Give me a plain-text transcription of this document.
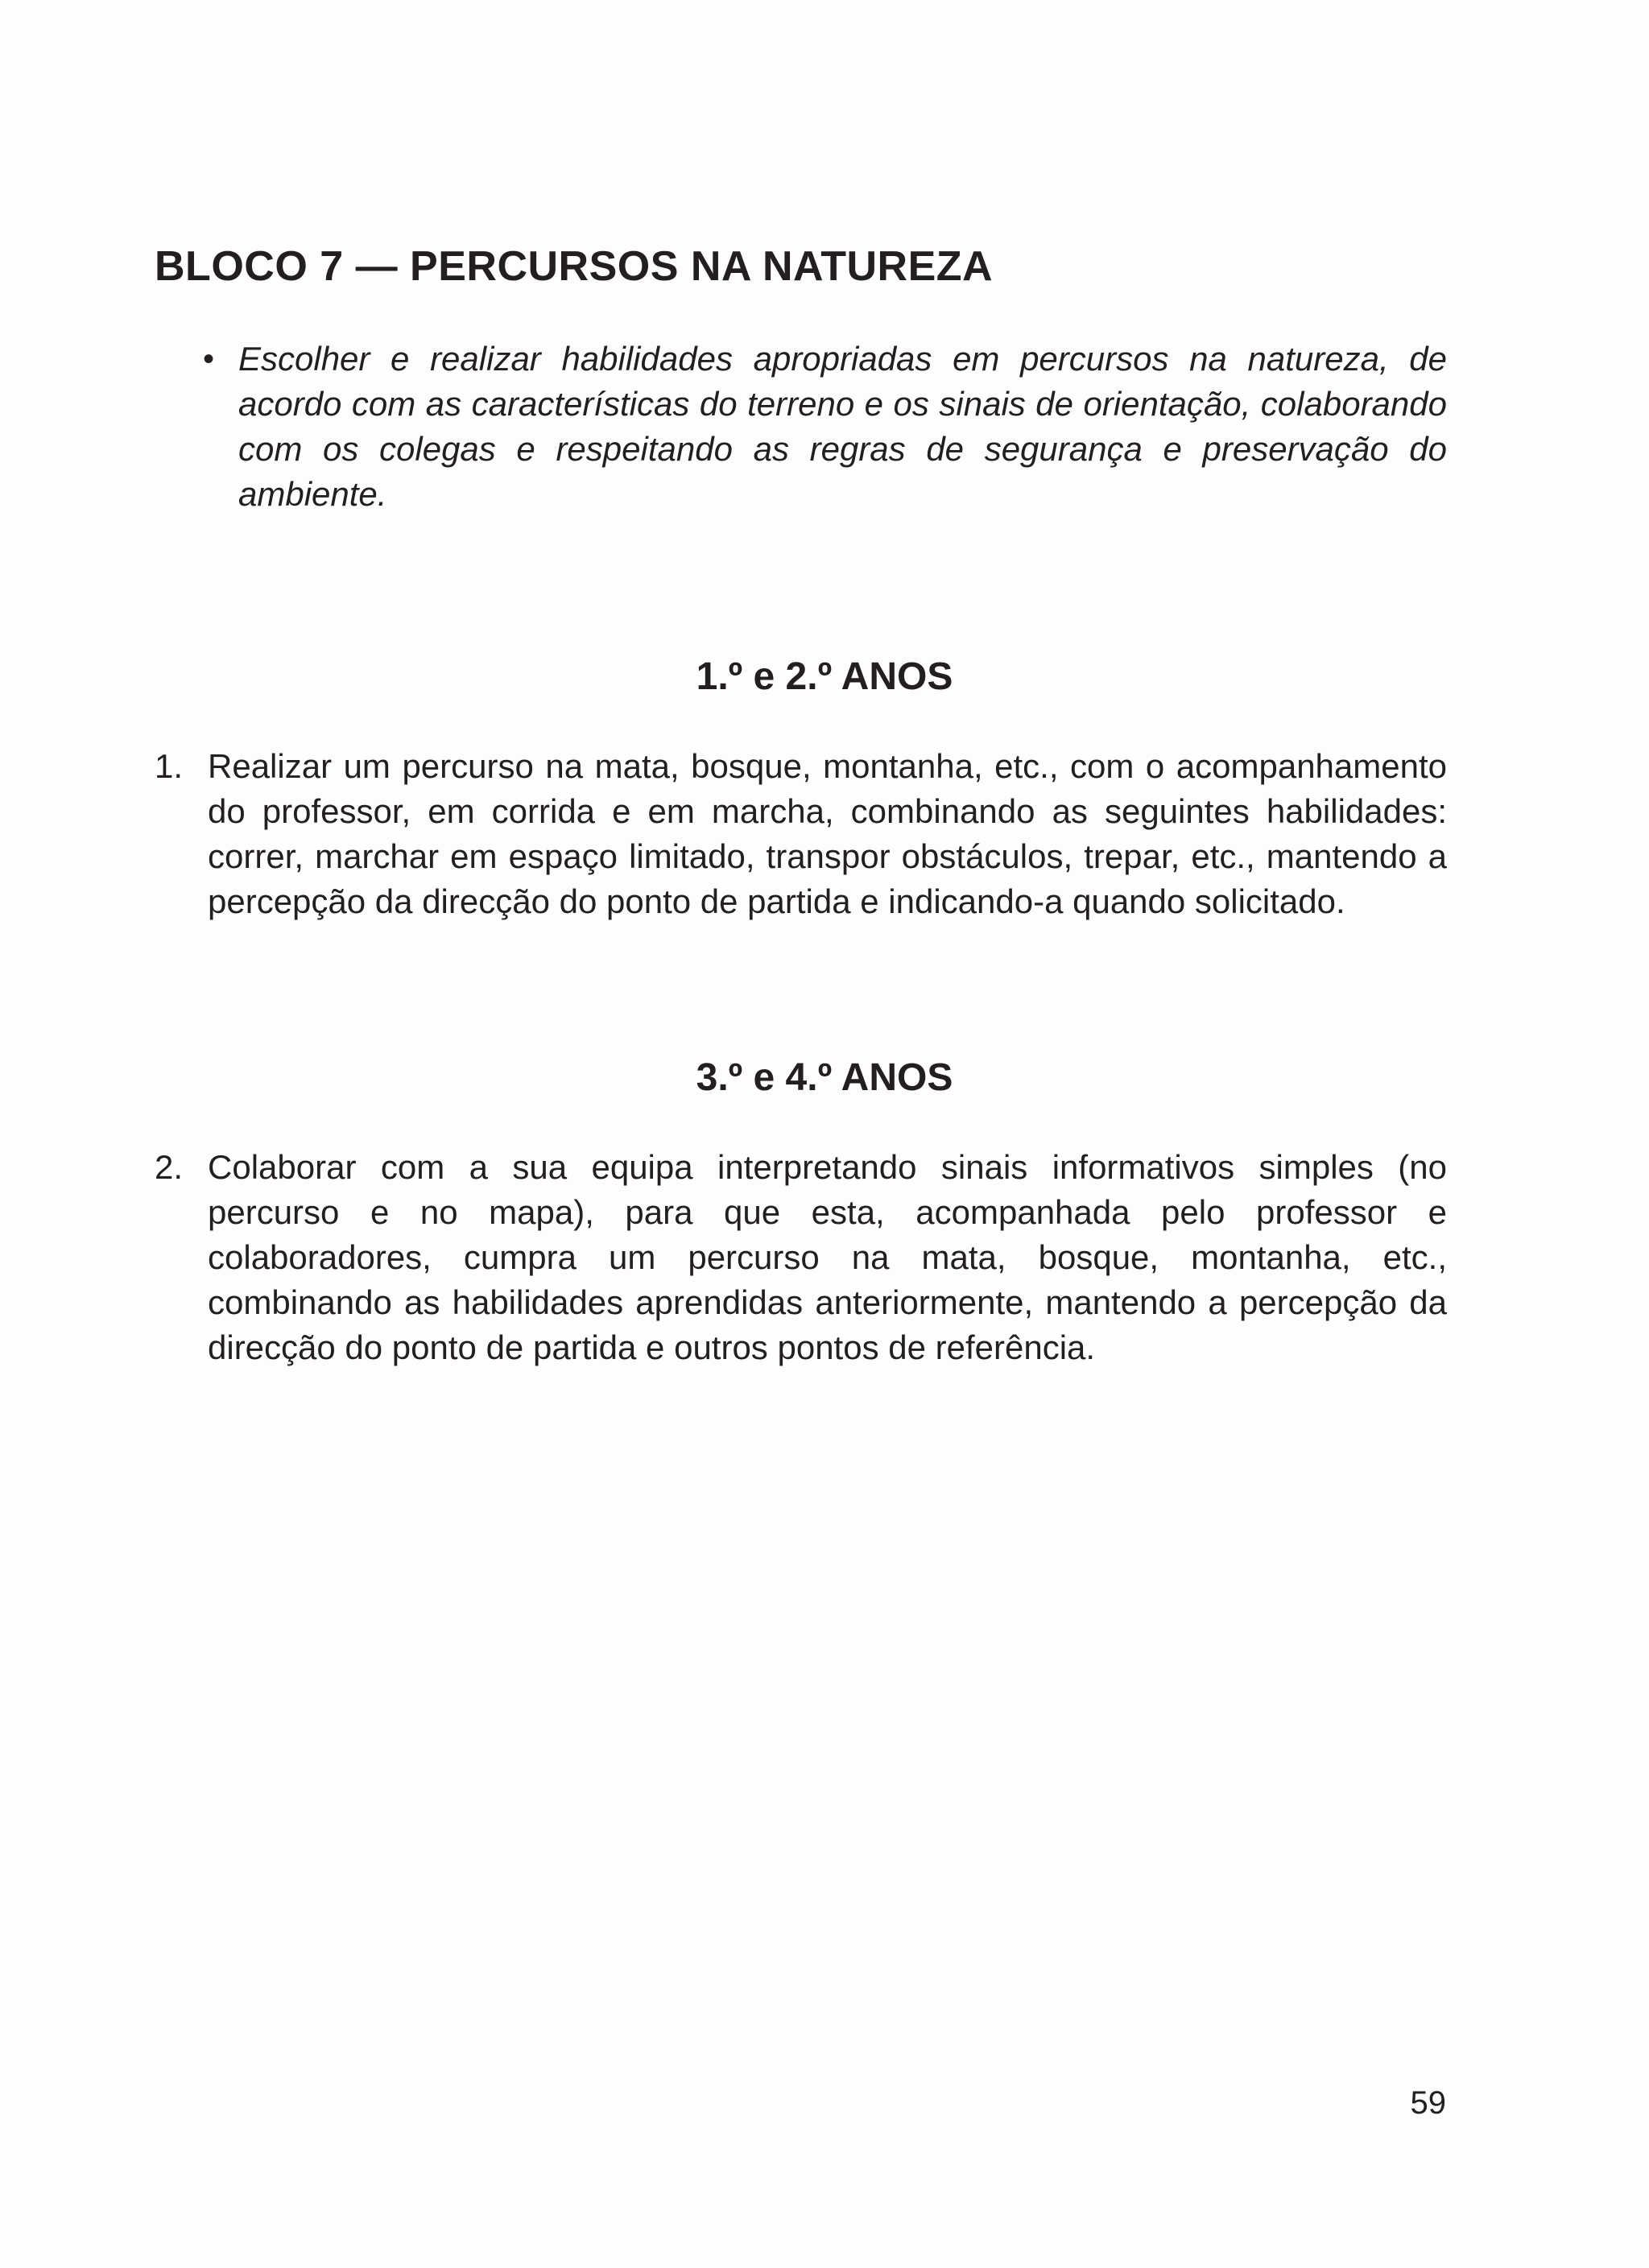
BLOCO 7 — PERCURSOS NA NATUREZA
• Escolher e realizar habilidades apropriadas em percursos na natureza, de acordo com as características do terreno e os sinais de orientação, colaborando com os colegas e respeitando as regras de segurança e preservação do ambiente.

1.º e 2.º ANOS
1. Realizar um percurso na mata, bosque, montanha, etc., com o acompanhamento do professor, em corrida e em marcha, combinando as seguintes habilidades: correr, marchar em espaço limitado, transpor obstáculos, trepar, etc., mantendo a percepção da direcção do ponto de partida e indicando-a quando solicitado.

3.º e 4.º ANOS
2. Colaborar com a sua equipa interpretando sinais informativos simples (no percurso e no mapa), para que esta, acompanhada pelo professor e colaboradores, cumpra um percurso na mata, bosque, montanha, etc., combinando as habilidades aprendidas anteriormente, mantendo a percepção da direcção do ponto de partida e outros pontos de referência.

59
